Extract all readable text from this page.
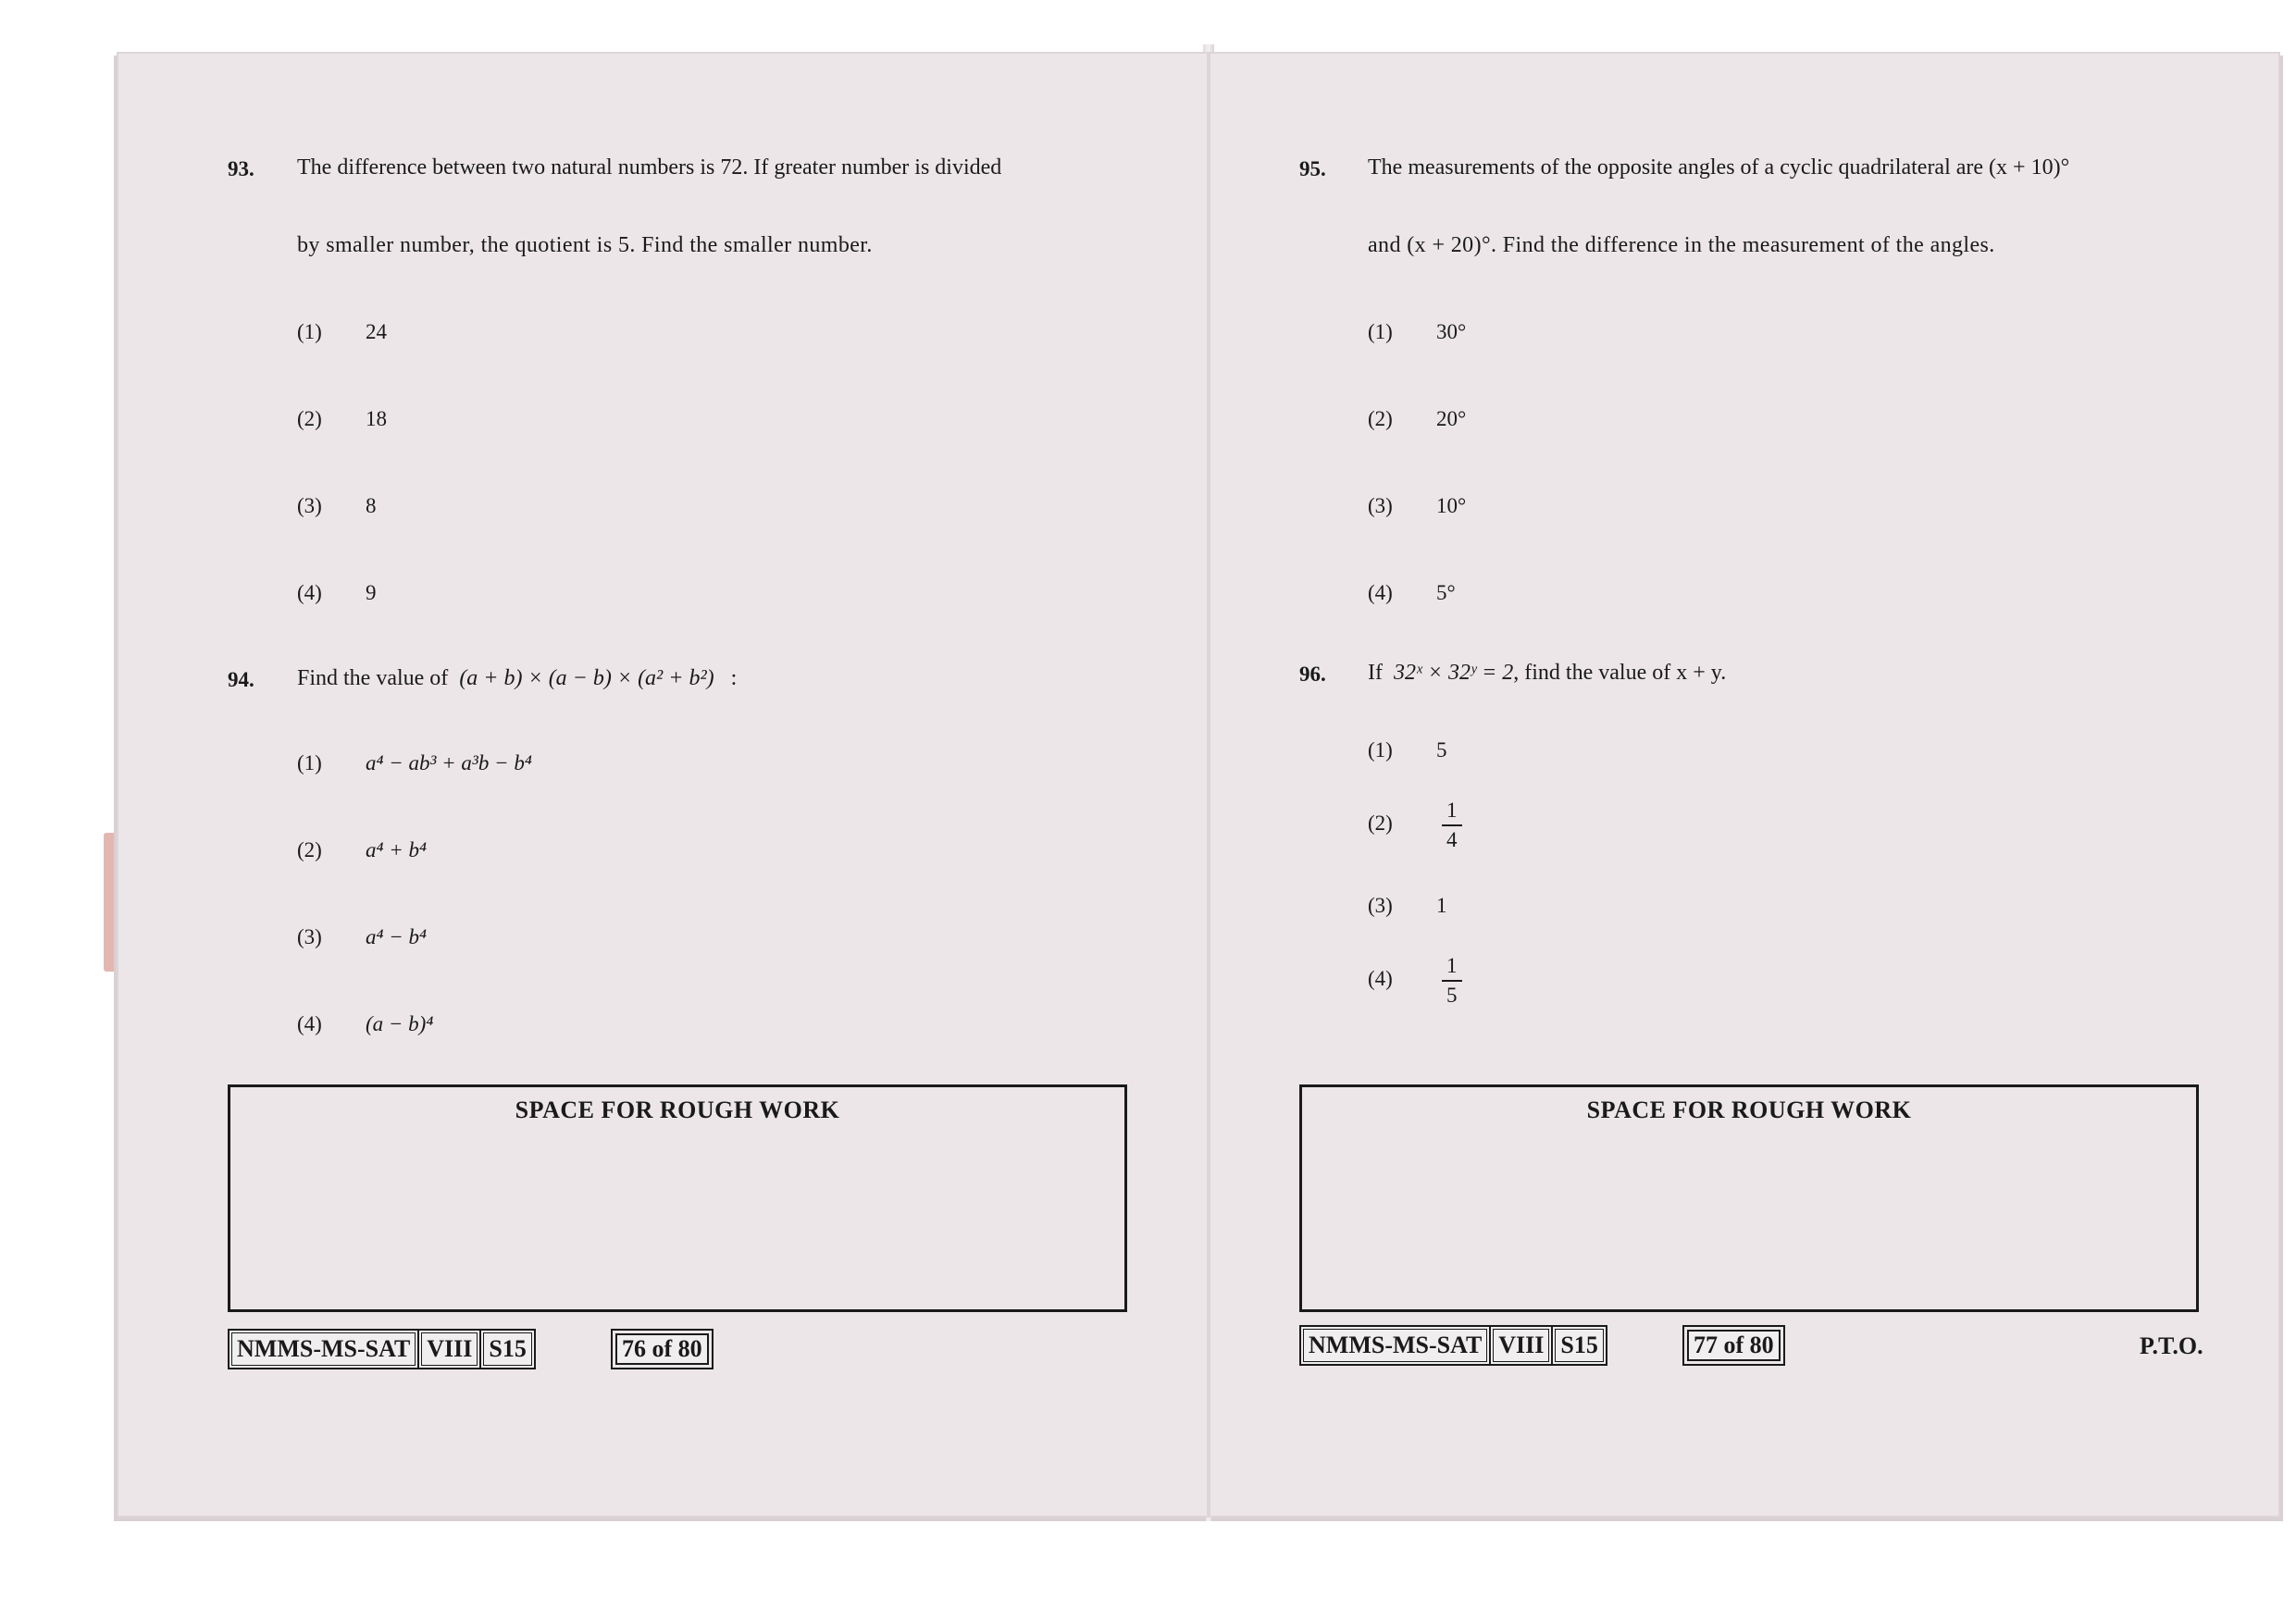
93. The difference between two natural numbers is 72. If greater number is divided
by smaller number, the quotient is 5. Find the smaller number.
(1) 24
(2) 18
(3) 8
(4) 9
94. Find the value of (a + b) × (a − b) × (a² + b²) :
(1) a⁴ − ab³ + a³b − b⁴
(2) a⁴ + b⁴
(3) a⁴ − b⁴
(4) (a − b)⁴
SPACE FOR ROUGH WORK
NMMS-MS-SAT VIII S15	76 of 80
95. The measurements of the opposite angles of a cyclic quadrilateral are (x + 10)°
and (x + 20)°. Find the difference in the measurement of the angles.
(1) 30°
(2) 20°
(3) 10°
(4) 5°
96. If 32ˣ × 32ʸ = 2, find the value of x + y.
(1) 5
$(2) \frac{1}{4}$
(3) 1
$(4) \frac{1}{5}$
SPACE FOR ROUGH WORK
NMMS-MS-SAT VIII S15	77 of 80	P.T.O.
